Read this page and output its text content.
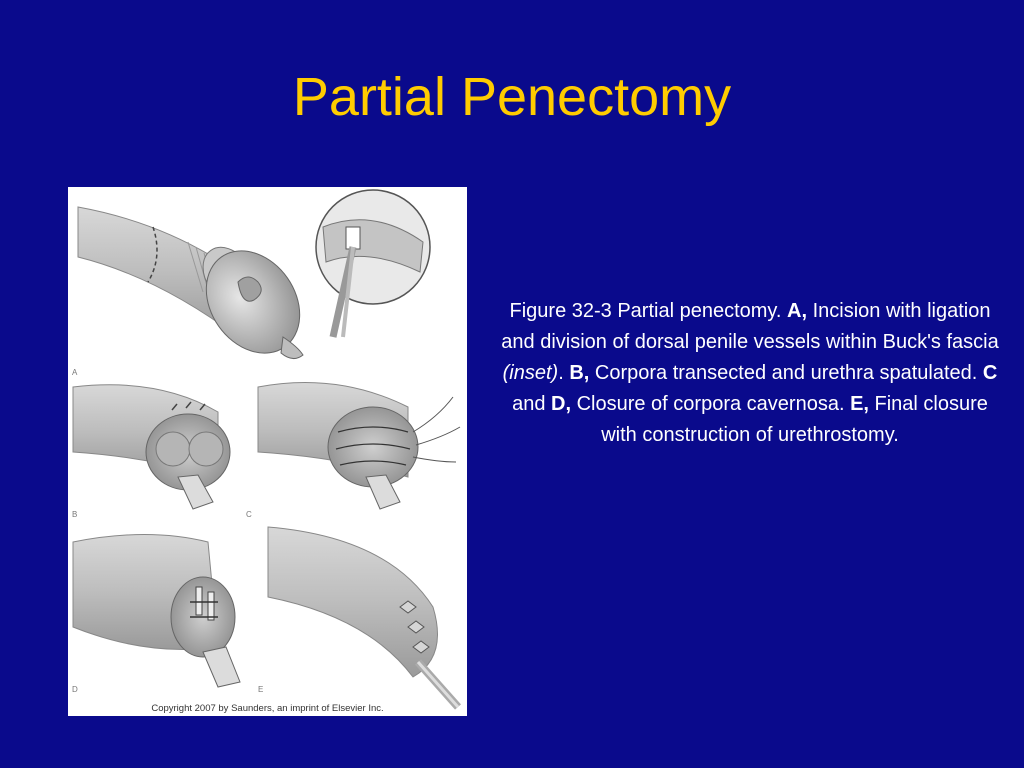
Partial Penectomy
A
B	C
D	E
Copyright 2007 by Saunders, an imprint of Elsevier Inc.
Figure 32-3 Partial penectomy. A, Incision with ligation and division of dorsal penile vessels within Buck's fascia (inset). B, Corpora transected and urethra spatulated. C and D, Closure of corpora cavernosa. E, Final closure with construction of urethrostomy.
